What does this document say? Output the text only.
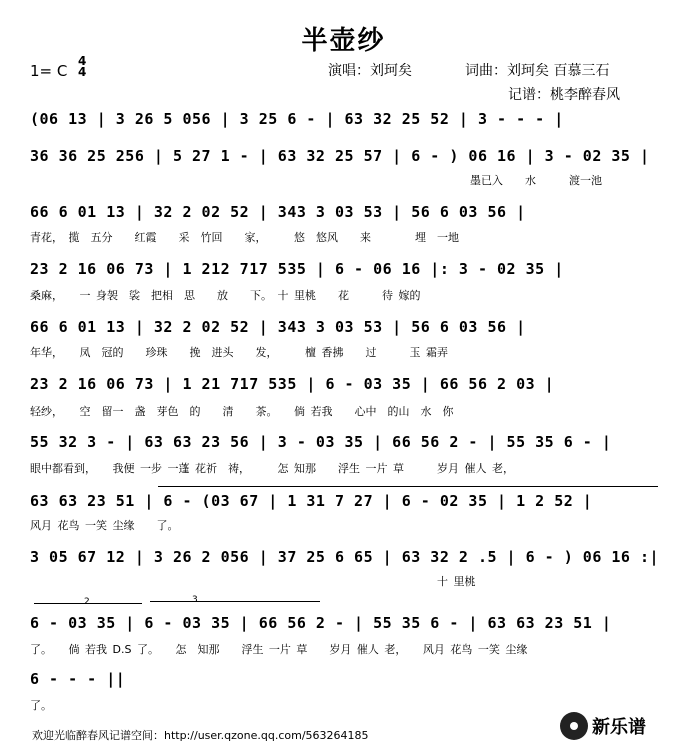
半壶纱
1= C
4
4	演唱：刘珂矣	词曲：刘珂矣 百慕三石
记谱：桃李醉春风
(06 13 | 3 26 5 056 | 3 25 6 - | 63 32 25 52 | 3 - - - |
36 36 25 256 | 5 27 1 - | 63 32 25 57 | 6 - ) 06 16 | 3 - 02 35 |
墨已入　　水　　　渡一池
66 6 01 13 | 32 2 02 52 | 343 3 03 53 | 56 6 03 56 |
青花，　揽　五分　　红霞　　采　竹回　　家，　　　悠　悠风　　来　　　　埋　一地
23 2 16 06 73 | 1 212 717 535 | 6 - 06 16 |: 3 - 02 35 |
桑麻，　　一 身袈　裟　把相　思　　放　　下。　十 里桃　　花　　　待 嫁的
66 6 01 13 | 32 2 02 52 | 343 3 03 53 | 56 6 03 56 |
年华，　　凤　冠的　　珍珠　　挽　进头　　发，　　　檀 香拂　　过　　　玉 霜弄
23 2 16 06 73 | 1 21 717 535 | 6 - 03 35 | 66 56 2 03 |
轻纱，　　空　留一　盏　芽色　的　　清　　茶。　　倘 若我　　心中　的山　水　你
55 32 3 - | 63 63 23 56 | 3 - 03 35 | 66 56 2 - | 55 35 6 - |
眼中都看到，　　我便 一步 一蓬 花祈　祷，　　　怎 知那　　浮生 一片 草　　　岁月 催人 老，
63 63 23 51 | 6 - (03 67 | 1 31 7 27 | 6 - 02 35 | 1 2 52 |
风月 花鸟 一笑 尘缘　　了。
3 05 67 12 | 3 26 2 056 | 37 25 6 65 | 63 32 2 .5 | 6 - ) 06 16 :|
　　　　　　　　　　　　　　　　　　　　　　　　　　　　　　　　　　　　　十 里桃
2	3
6 - 03 35 | 6 - 03 35 | 66 56 2 - | 55 35 6 - | 63 63 23 51 |
了。　　倘 若我 D.S 了。　　怎　知那　　浮生 一片 草　　岁月 催人 老，　　风月 花鸟 一笑 尘缘
6 - - - ||
了。
欢迎光临醉春风记谱空间：http://user.qzone.qq.com/563264185	新乐谱
